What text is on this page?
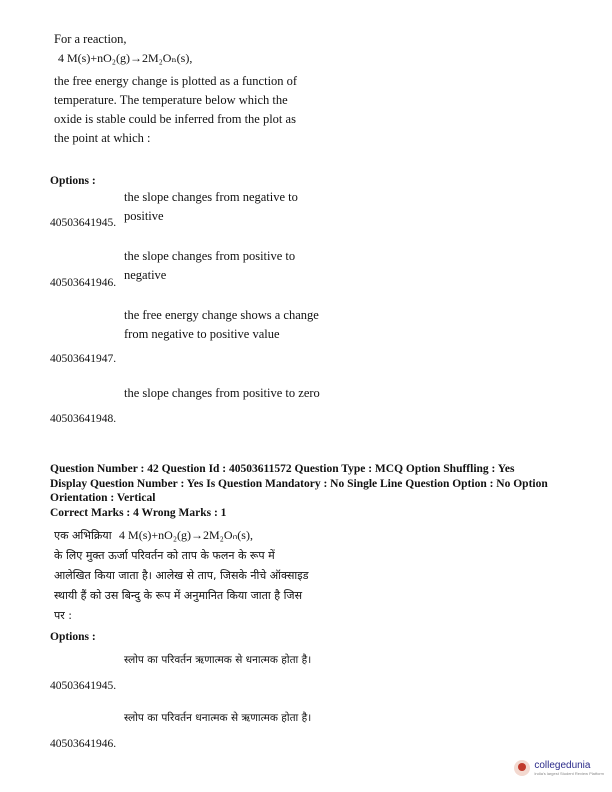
For a reaction,
4 M(s)+nO₂(g)→2M₂Oₙ(s),
the free energy change is plotted as a function of temperature. The temperature below which the oxide is stable could be inferred from the plot as the point at which :
Options :
the slope changes from negative to positive
40503641945.
the slope changes from positive to negative
40503641946.
the free energy change shows a change from negative to positive value
40503641947.
the slope changes from positive to zero
40503641948.
Question Number : 42 Question Id : 40503611572 Question Type : MCQ Option Shuffling : Yes
Display Question Number : Yes Is Question Mandatory : No Single Line Question Option : No Option
Orientation : Vertical
Correct Marks : 4 Wrong Marks : 1
एक अभिक्रिया 4 M(s)+nO₂(g)→2M₂Oₙ(s),
के लिए मुक्त ऊर्जा परिवर्तन को ताप के फलन के रूप में आलेखित किया जाता है। आलेख से ताप, जिसके नीचे ऑक्साइड स्थायी हैं को उस बिन्दु के रूप में अनुमानित किया जाता है जिस पर :
Options :
स्लोप का परिवर्तन ऋणात्मक से धनात्मक होता है।
40503641945.
स्लोप का परिवर्तन धनात्मक से ऋणात्मक होता है।
40503641946.
collegedunia
India's largest Student Review Platform
